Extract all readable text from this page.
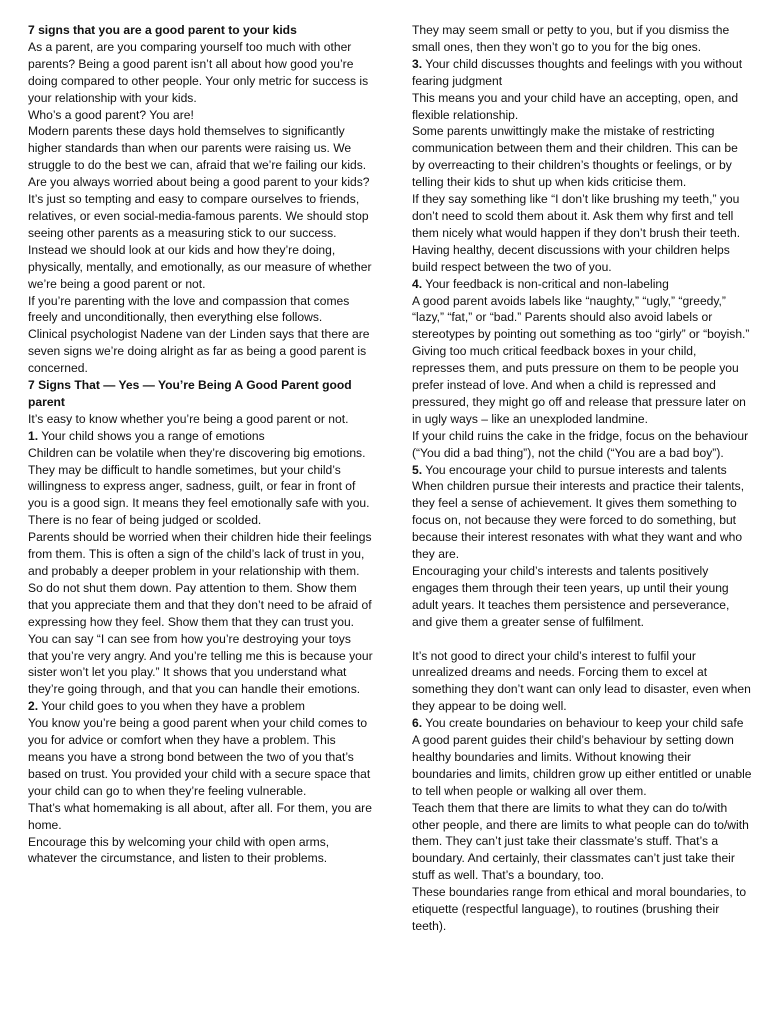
7 signs that you are a good parent to your kids

As a parent, are you comparing yourself too much with other parents? Being a good parent isn’t all about how good you’re doing compared to other people. Your only metric for success is your relationship with your kids.

Who’s a good parent? You are!

Modern parents these days hold themselves to significantly higher standards than when our parents were raising us. We struggle to do the best we can, afraid that we’re failing our kids. Are you always worried about being a good parent to your kids?

It’s just so tempting and easy to compare ourselves to friends, relatives, or even social-media-famous parents. We should stop seeing other parents as a measuring stick to our success. Instead we should look at our kids and how they’re doing, physically, mentally, and emotionally, as our measure of whether we’re being a good parent or not.

If you’re parenting with the love and compassion that comes freely and unconditionally, then everything else follows.

Clinical psychologist Nadene van der Linden says that there are seven signs we’re doing alright as far as being a good parent is concerned.

7 Signs That — Yes — You’re Being A Good Parent good parent

It’s easy to know whether you’re being a good parent or not.

1. Your child shows you a range of emotions

Children can be volatile when they’re discovering big emotions. They may be difficult to handle sometimes, but your child’s willingness to express anger, sadness, guilt, or fear in front of you is a good sign. It means they feel emotionally safe with you. There is no fear of being judged or scolded.

Parents should be worried when their children hide their feelings from them. This is often a sign of the child’s lack of trust in you, and probably a deeper problem in your relationship with them.

So do not shut them down. Pay attention to them. Show them that you appreciate them and that they don’t need to be afraid of expressing how they feel. Show them that they can trust you.

You can say “I can see from how you’re destroying your toys that you’re very angry. And you’re telling me this is because your sister won’t let you play.” It shows that you understand what they’re going through, and that you can handle their emotions.

2. Your child goes to you when they have a problem

You know you’re being a good parent when your child comes to you for advice or comfort when they have a problem. This means you have a strong bond between the two of you that’s based on trust. You provided your child with a secure space that your child can go to when they’re feeling vulnerable.

That’s what homemaking is all about, after all. For them, you are home.

Encourage this by welcoming your child with open arms, whatever the circumstance, and listen to their problems.

They may seem small or petty to you, but if you dismiss the small ones, then they won’t go to you for the big ones.

3. Your child discusses thoughts and feelings with you without fearing judgment

This means you and your child have an accepting, open, and flexible relationship.

Some parents unwittingly make the mistake of restricting communication between them and their children. This can be by overreacting to their children’s thoughts or feelings, or by telling their kids to shut up when kids criticise them.

If they say something like “I don’t like brushing my teeth,” you don’t need to scold them about it. Ask them why first and tell them nicely what would happen if they don’t brush their teeth. Having healthy, decent discussions with your children helps build respect between the two of you.

4. Your feedback is non-critical and non-labeling

A good parent avoids labels like “naughty,” “ugly,” “greedy,” “lazy,” “fat,” or “bad.” Parents should also avoid labels or stereotypes by pointing out something as too “girly” or “boyish.”

Giving too much critical feedback boxes in your child, represses them, and puts pressure on them to be people you prefer instead of love. And when a child is repressed and pressured, they might go off and release that pressure later on in ugly ways – like an unexploded landmine.

If your child ruins the cake in the fridge, focus on the behaviour (“You did a bad thing”), not the child (“You are a bad boy”).

5. You encourage your child to pursue interests and talents

When children pursue their interests and practice their talents, they feel a sense of achievement. It gives them something to focus on, not because they were forced to do something, but because their interest resonates with what they want and who they are.

Encouraging your child’s interests and talents positively engages them through their teen years, up until their young adult years. It teaches them persistence and perseverance, and give them a greater sense of fulfilment.

It’s not good to direct your child’s interest to fulfil your unrealized dreams and needs. Forcing them to excel at something they don’t want can only lead to disaster, even when they appear to be doing well.

6. You create boundaries on behaviour to keep your child safe

A good parent guides their child’s behaviour by setting down healthy boundaries and limits. Without knowing their boundaries and limits, children grow up either entitled or unable to tell when people or walking all over them.

Teach them that there are limits to what they can do to/with other people, and there are limits to what people can do to/with them. They can’t just take their classmate’s stuff. That’s a boundary. And certainly, their classmates can’t just take their stuff as well. That’s a boundary, too.

These boundaries range from ethical and moral boundaries, to etiquette (respectful language), to routines (brushing their teeth).
